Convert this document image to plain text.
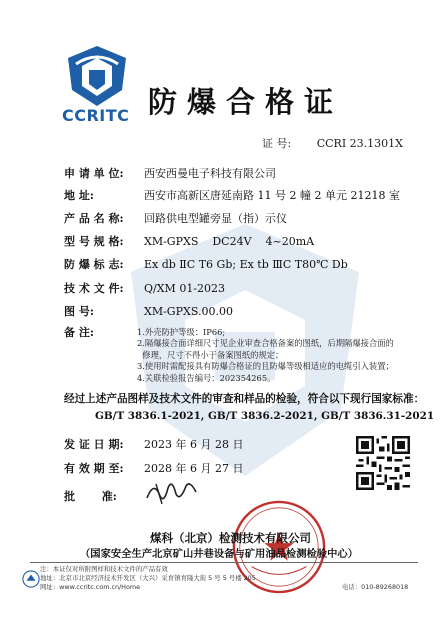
CCRITC 防爆合格证
证 号: CCRI 23.1301X
申 请 单 位: 西安西曼电子科技有限公司
地 址:	西安市高新区唐延南路 11 号 2 幢 2 单元 21218 室
产 品 名 称: 回路供电型罐旁显（指）示仪
型 号 规 格: XM-GPXS    DC24V    4~20mA
防 爆 标 志: Ex db ⅡC T6 Gb; Ex tb ⅢC T80℃ Db
技 术 文 件: Q/XM 01-2023
图 号:	XM-GPXS.00.00
备 注:	1.外壳防护等级：IP66;
2.隔爆接合面详细尺寸见企业审查合格备案的图纸，后期隔爆接合面的
修理，尺寸不得小于备案图纸的规定；
3.使用时需配接具有防爆合格证的且防爆等级相适应的电缆引入装置；
4.关联检验报告编号：202354265。
经过上述产品图样及技术文件的审查和样品的检验，符合以下现行国家标准：
GB/T 3836.1-2021, GB/T 3836.2-2021, GB/T 3836.31-2021
发 证 日 期: 2023 年 6 月 28 日
有 效 期 至: 2028 年 6 月 27 日
批       准:
煤科（北京）检测技术有限公司
（国家安全生产北京矿山井巷设备与矿用油品检测检验中心）
注：本证仅对所附图样和技术文件的产品有效
地址：北京市北京经济技术开发区（大兴）采育镇育隆大街 5 号 5 号楼 205
网址：www.ccritc.com.cn/Home	电话：010-89268018
